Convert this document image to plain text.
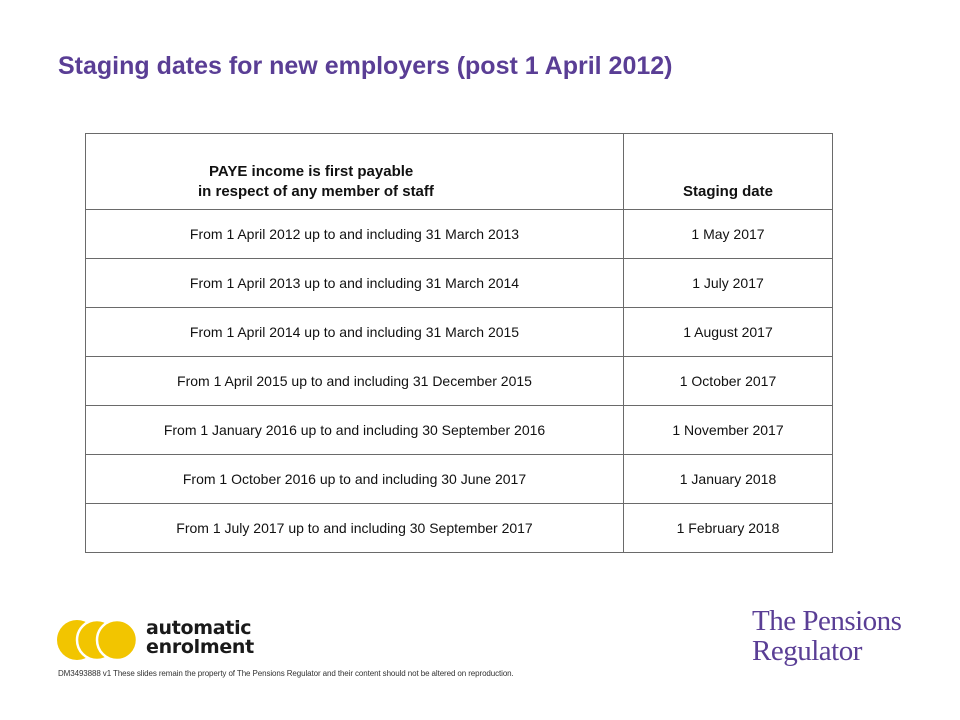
Staging dates for new employers (post 1 April 2012)
PAYE income is first payable
in respect of any member of staff	Staging date
From 1 April 2012 up to and including 31 March 2013	1 May 2017
From 1 April 2013 up to and including 31 March 2014	1 July 2017
From 1 April 2014 up to and including 31 March 2015	1 August 2017
From 1 April 2015 up to and including 31 December 2015	1 October 2017
From 1 January 2016 up to and including 30 September 2016	1 November 2017
From 1 October 2016 up to and including 30 June 2017	1 January 2018
From 1 July 2017 up to and including 30 September 2017	1 February 2018
automatic
enrolment
The Pensions
Regulator
DM3493888 v1 These slides remain the property of The Pensions Regulator and their content should not be altered on reproduction.
